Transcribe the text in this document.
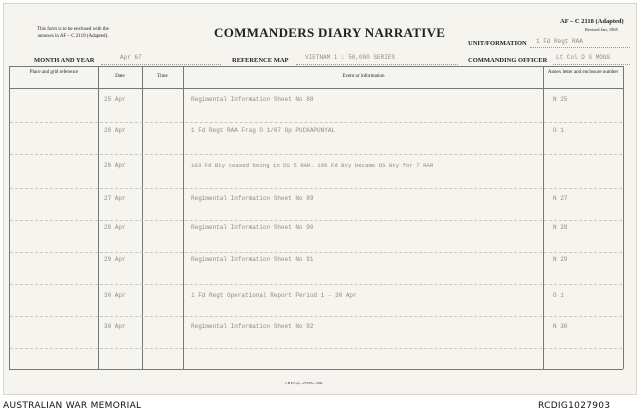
This form is to be enclosed with the
annexes in AF – C 2119 (Adapted).	COMMANDERS DIARY NARRATIVE
AF – C 2118 (Adapted)
Revised Jan, 1965
UNIT/FORMATION 1 Fd Regt RAA
MONTH AND YEAR	Apr 67	REFERENCE MAP	VIETNAM 1 : 50,000 SERIES	COMMANDING OFFICER Lt Col D S MOGG
Place and grid reference
Date	Time	Event or information
Annex letter and enclosure number
25 Apr	Regimental Information Sheet No 88	N 25
26 Apr	1 Fd Regt RAA Frag O 1/67 Op PUCKAPUNYAL	O 1
26 Apr	103 Fd Bty ceased being in DS 5 RAR. 106 Fd Bty became DS Bty for 7 RAR
27 Apr	Regimental Information Sheet No 89	N 27
28 Apr	Regimental Information Sheet No 90	N 28
29 Apr	Regimental Information Sheet No 91	N 29
30 Apr	1 Fd Regt Operational Report Period 1 - 30 Apr	O 1
30 Apr	Regimental Information Sheet No 92	N 30
1 B P Coy—275/65—55m
AUSTRALIAN WAR MEMORIAL	RCDIG1027903
